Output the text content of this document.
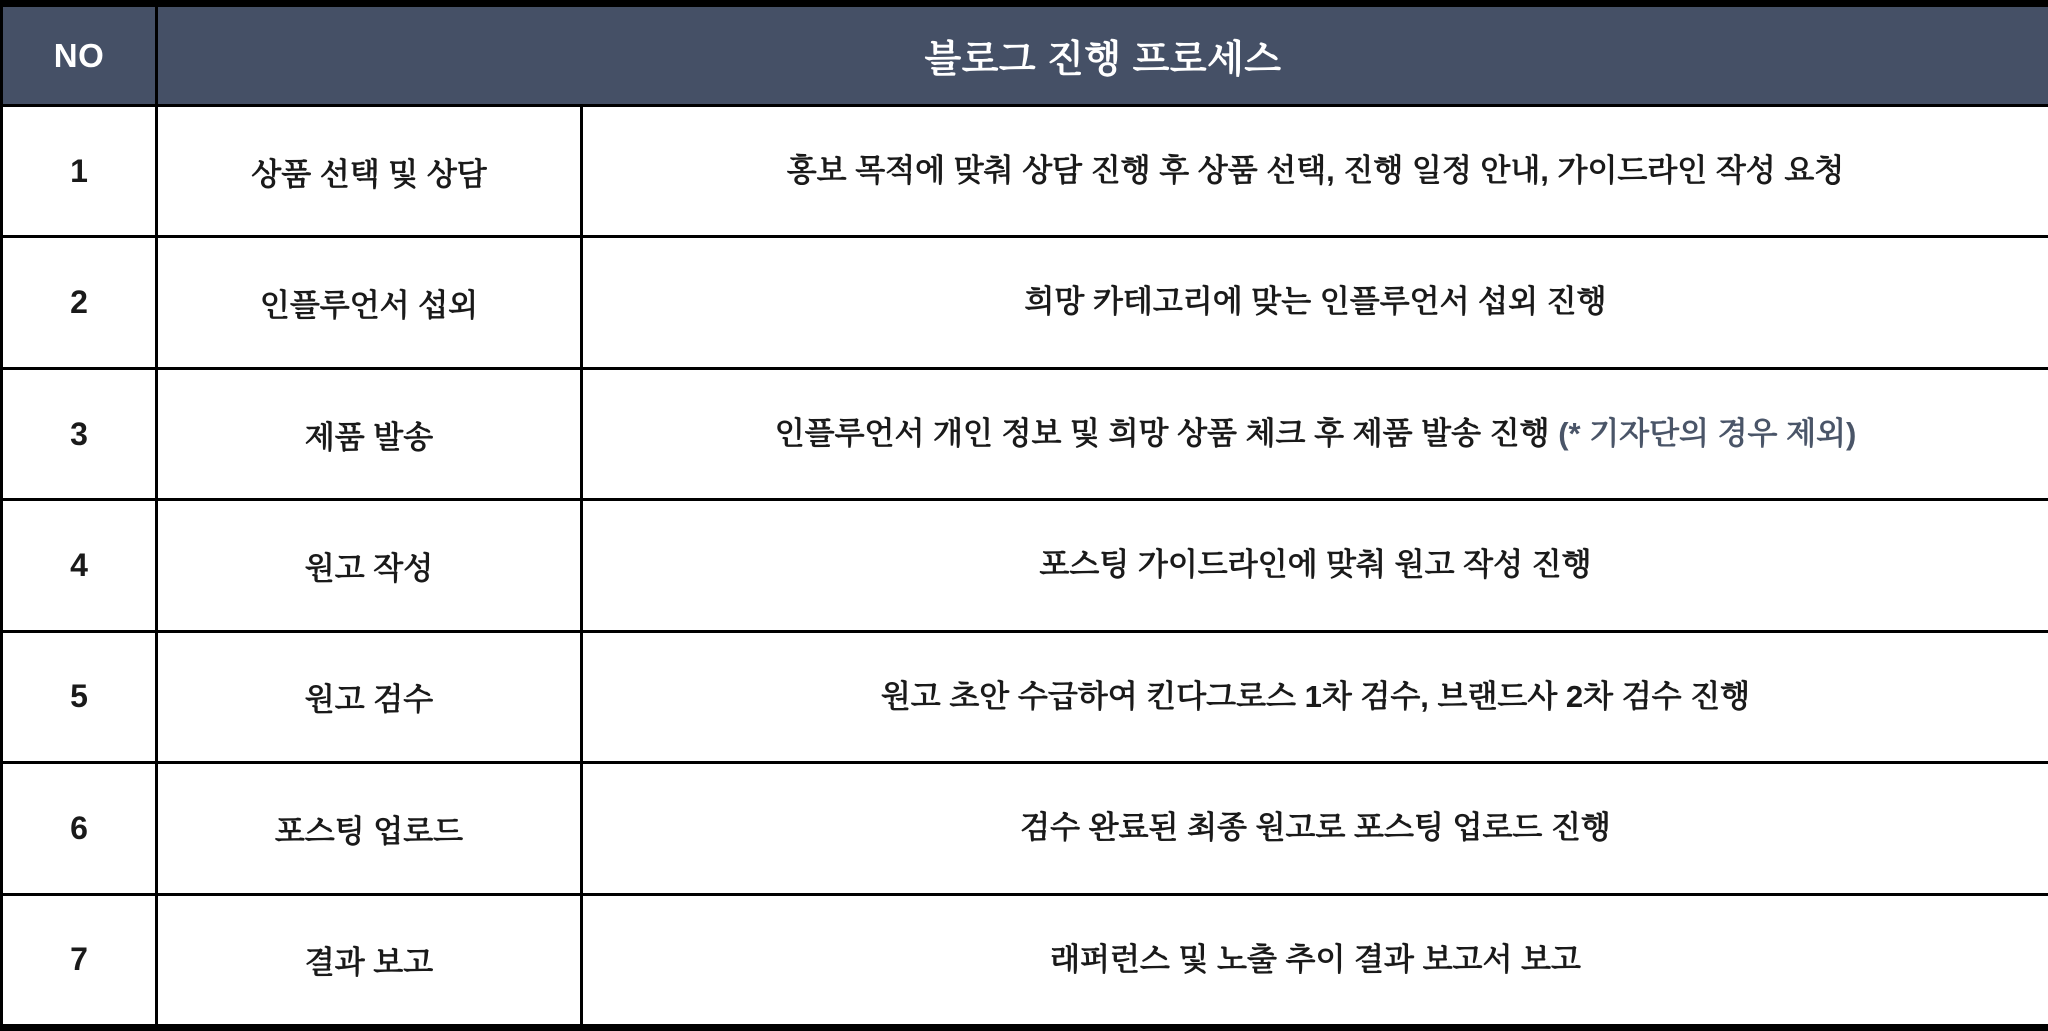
NO	블로그 진행 프로세스	
1	상품 선택 및 상담	홍보 목적에 맞춰 상담 진행 후 상품 선택, 진행 일정 안내, 가이드라인 작성 요청
2	인플루언서 섭외	희망 카테고리에 맞는 인플루언서 섭외 진행
3	제품 발송	인플루언서 개인 정보 및 희망 상품 체크 후 제품 발송 진행 (* 기자단의 경우 제외)
4	원고 작성	포스팅 가이드라인에 맞춰 원고 작성 진행
5	원고 검수	원고 초안 수급하여 킨다그로스 1차 검수, 브랜드사 2차 검수 진행
6	포스팅 업로드	검수 완료된 최종 원고로 포스팅 업로드 진행
7	결과 보고	래퍼런스 및 노출 추이 결과 보고서 보고
